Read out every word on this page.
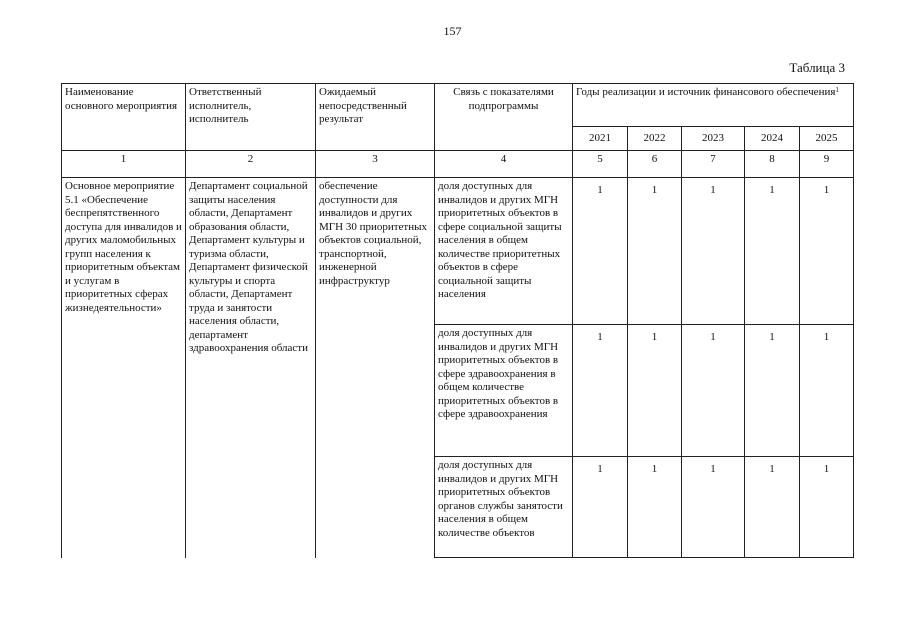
157
Таблица 3
Наименование основного мероприятия	Ответственный исполнитель, исполнитель	Ожидаемый непосредственный результат	Связь с показателями подпрограммы	Годы реализации и источник финансового обеспечения$^1$
				2021	2022	2023	2024	2025
1	2	3	4	5	6	7	8	9
Основное мероприятие 5.1 «Обеспечение беспрепятственного доступа для инвалидов и других маломобильных групп населения к приоритетным объектам и услугам в приоритетных сферах жизнедеятельности»	Департамент социальной защиты населения области, Департамент образования области, Департамент культуры и туризма области, Департамент физической культуры и спорта области, Департамент труда и занятости населения области, департамент здравоохранения области	обеспечение доступности для инвалидов и других МГН 30 приоритетных объектов социальной, транспортной, инженерной инфраструктур	доля доступных для инвалидов и других МГН приоритетных объектов в сфере социальной защиты населения в общем количестве приоритетных объектов в сфере социальной защиты населения	1	1	1	1	1
			доля доступных для инвалидов и других МГН приоритетных объектов в сфере здравоохранения в общем количестве приоритетных объектов в сфере здравоохранения	1	1	1	1	1
			доля доступных для инвалидов и других МГН приоритетных объектов органов службы занятости населения в общем количестве объектов	1	1	1	1	1
